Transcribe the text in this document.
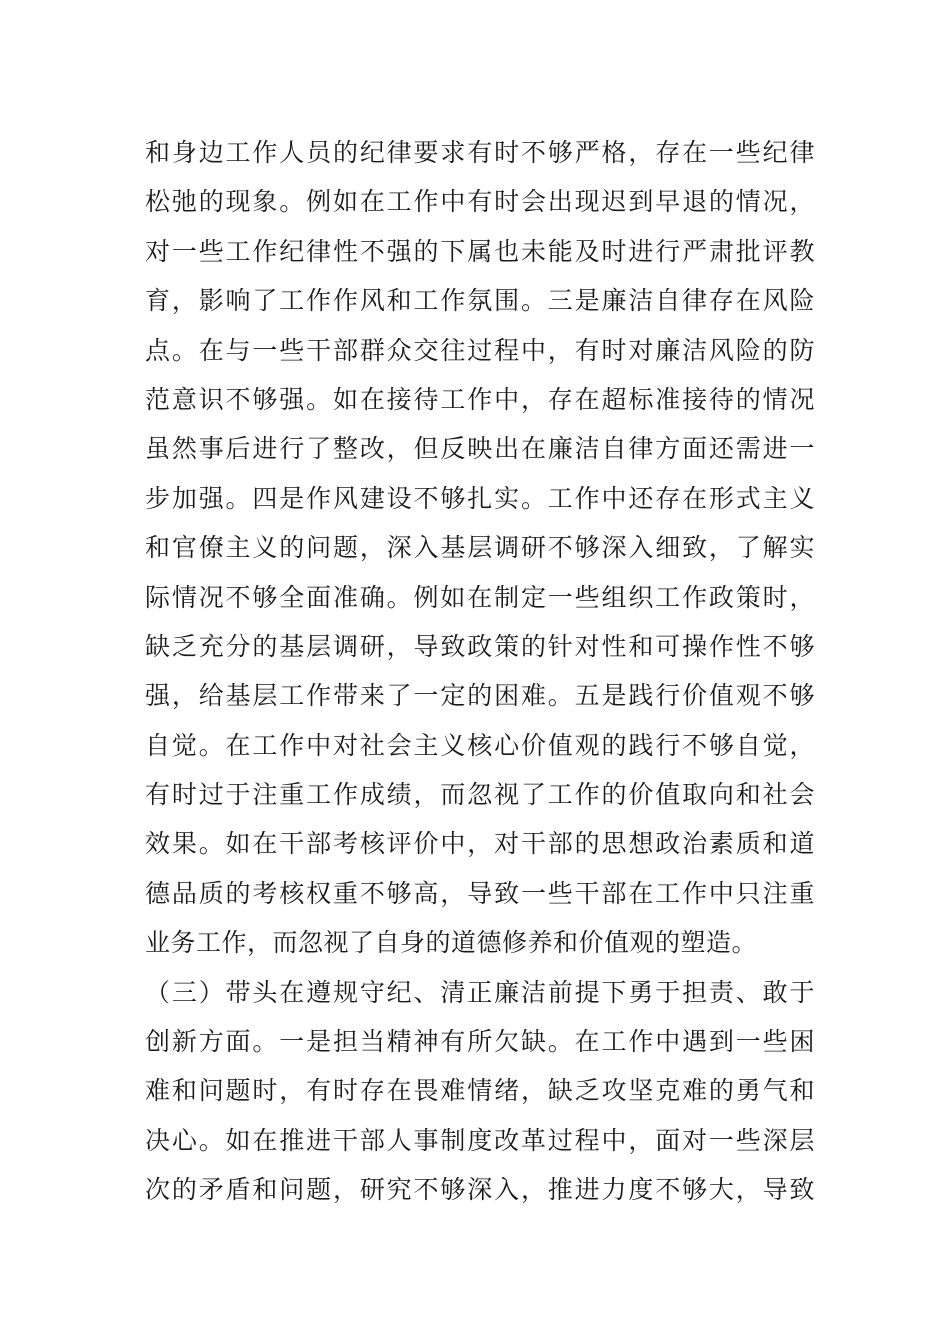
和身边工作人员的纪律要求有时不够严格，存在一些纪律
松弛的现象。例如在工作中有时会出现迟到早退的情况，
对一些工作纪律性不强的下属也未能及时进行严肃批评教
育，影响了工作作风和工作氛围。三是廉洁自律存在风险
点。在与一些干部群众交往过程中，有时对廉洁风险的防
范意识不够强。如在接待工作中，存在超标准接待的情况
虽然事后进行了整改，但反映出在廉洁自律方面还需进一
步加强。四是作风建设不够扎实。工作中还存在形式主义
和官僚主义的问题，深入基层调研不够深入细致，了解实
际情况不够全面准确。例如在制定一些组织工作政策时，
缺乏充分的基层调研，导致政策的针对性和可操作性不够
强，给基层工作带来了一定的困难。五是践行价值观不够
自觉。在工作中对社会主义核心价值观的践行不够自觉，
有时过于注重工作成绩，而忽视了工作的价值取向和社会
效果。如在干部考核评价中，对干部的思想政治素质和道
德品质的考核权重不够高，导致一些干部在工作中只注重
业务工作，而忽视了自身的道德修养和价值观的塑造。
（三）带头在遵规守纪、清正廉洁前提下勇于担责、敢于
创新方面。一是担当精神有所欠缺。在工作中遇到一些困
难和问题时，有时存在畏难情绪，缺乏攻坚克难的勇气和
决心。如在推进干部人事制度改革过程中，面对一些深层
次的矛盾和问题，研究不够深入，推进力度不够大，导致
